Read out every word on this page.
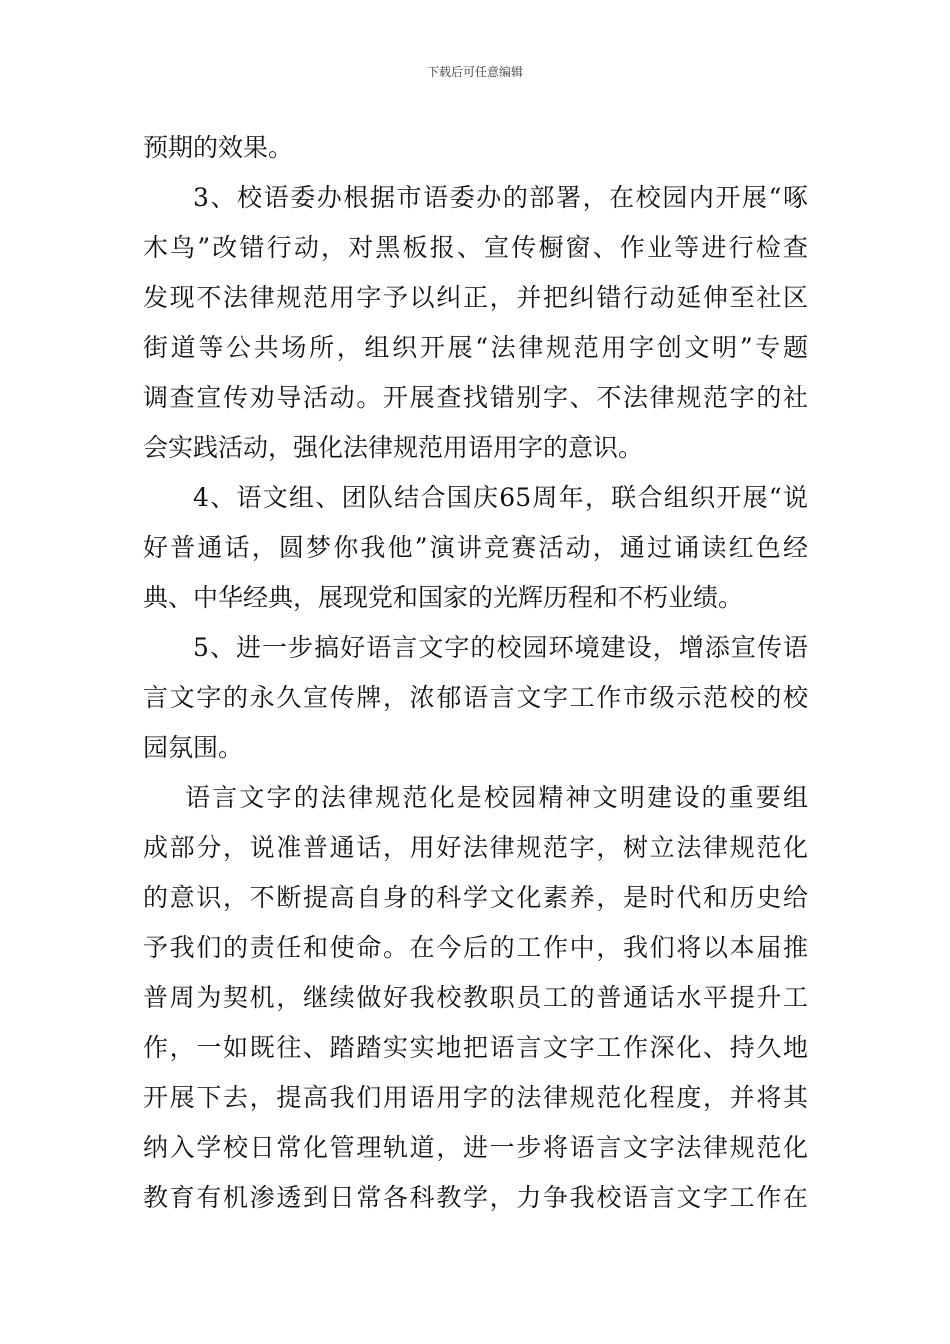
下载后可任意编辑
预期的效果。
3、校语委办根据市语委办的部署，在校园内开展“啄
木鸟”改错行动，对黑板报、宣传橱窗、作业等进行检查
发现不法律规范用字予以纠正，并把纠错行动延伸至社区
街道等公共场所，组织开展“法律规范用字创文明”专题
调查宣传劝导活动。开展查找错别字、不法律规范字的社
会实践活动，强化法律规范用语用字的意识。
4、语文组、团队结合国庆65周年，联合组织开展“说
好普通话，圆梦你我他”演讲竞赛活动，通过诵读红色经
典、中华经典，展现党和国家的光辉历程和不朽业绩。
5、进一步搞好语言文字的校园环境建设，增添宣传语
言文字的永久宣传牌，浓郁语言文字工作市级示范校的校
园氛围。
语言文字的法律规范化是校园精神文明建设的重要组
成部分，说准普通话，用好法律规范字，树立法律规范化
的意识，不断提高自身的科学文化素养，是时代和历史给
予我们的责任和使命。在今后的工作中，我们将以本届推
普周为契机，继续做好我校教职员工的普通话水平提升工
作，一如既往、踏踏实实地把语言文字工作深化、持久地
开展下去，提高我们用语用字的法律规范化程度，并将其
纳入学校日常化管理轨道，进一步将语言文字法律规范化
教育有机渗透到日常各科教学，力争我校语言文字工作在
